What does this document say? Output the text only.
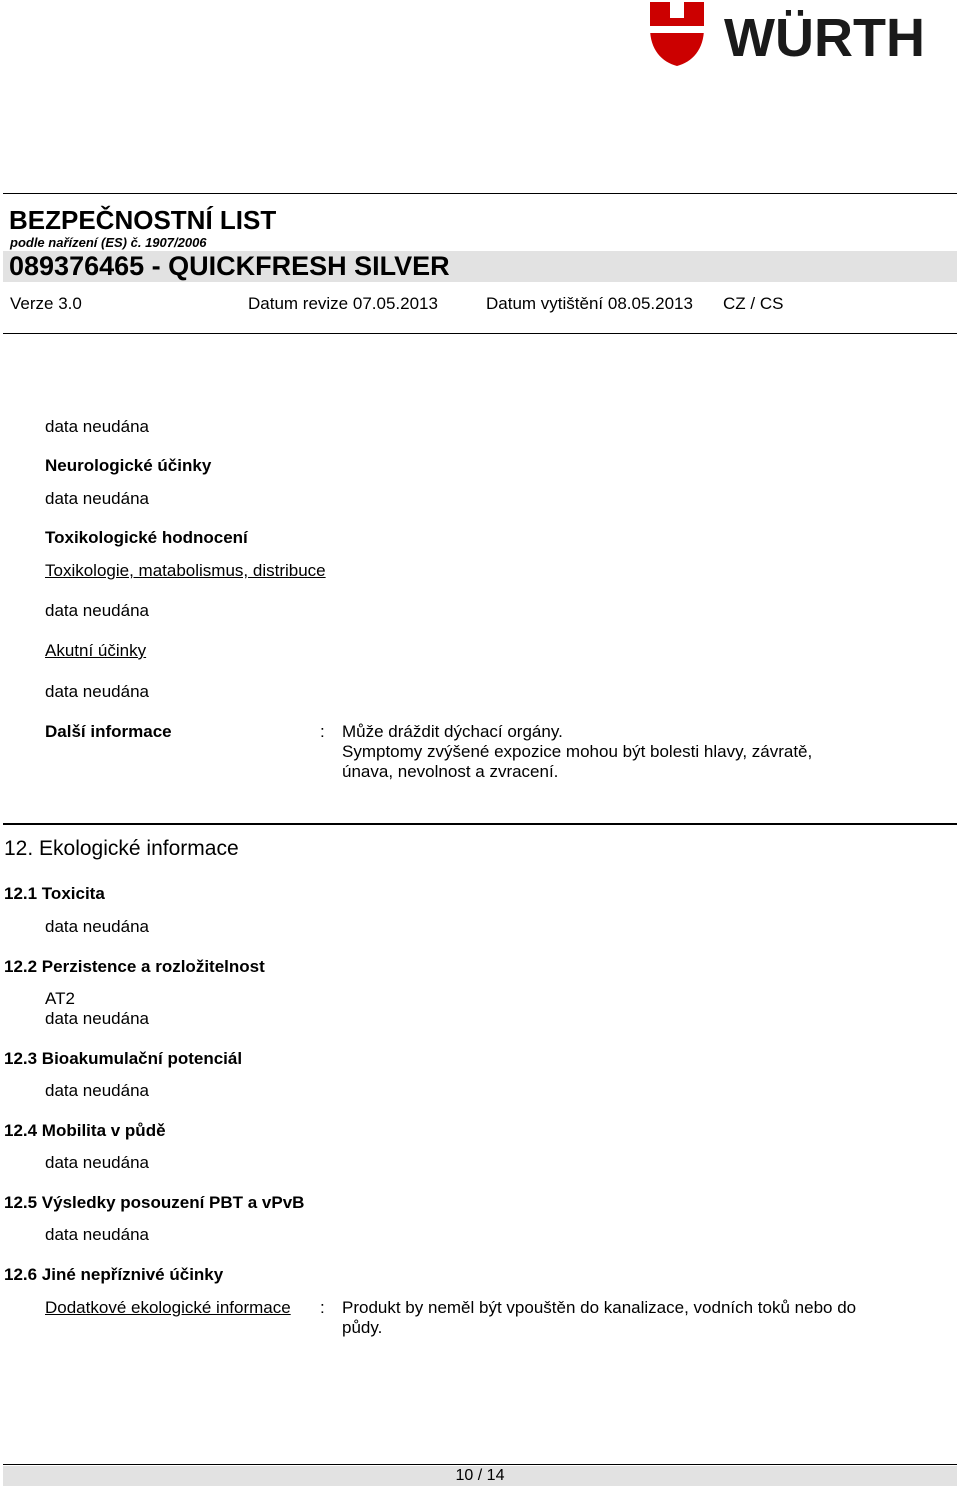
WÜRTH
BEZPEČNOSTNÍ LIST
podle nařízení (ES) č. 1907/2006
089376465 - QUICKFRESH SILVER
Verze 3.0	Datum revize 07.05.2013	Datum vytištění 08.05.2013 CZ / CS
data neudána
Neurologické účinky
data neudána
Toxikologické hodnocení
Toxikologie, matabolismus, distribuce
data neudána
Akutní účinky
data neudána
Další informace	: Může dráždit dýchací orgány.
Symptomy zvýšené expozice mohou být bolesti hlavy, závratě,
únava, nevolnost a zvracení.
12. Ekologické informace
12.1 Toxicita
data neudána
12.2 Perzistence a rozložitelnost
AT2
data neudána
12.3 Bioakumulační potenciál
data neudána
12.4 Mobilita v půdě
data neudána
12.5 Výsledky posouzení PBT a vPvB
data neudána
12.6 Jiné nepříznivé účinky
Dodatkové ekologické informace : Produkt by neměl být vpouštěn do kanalizace, vodních toků nebo do
půdy.
10 / 14
